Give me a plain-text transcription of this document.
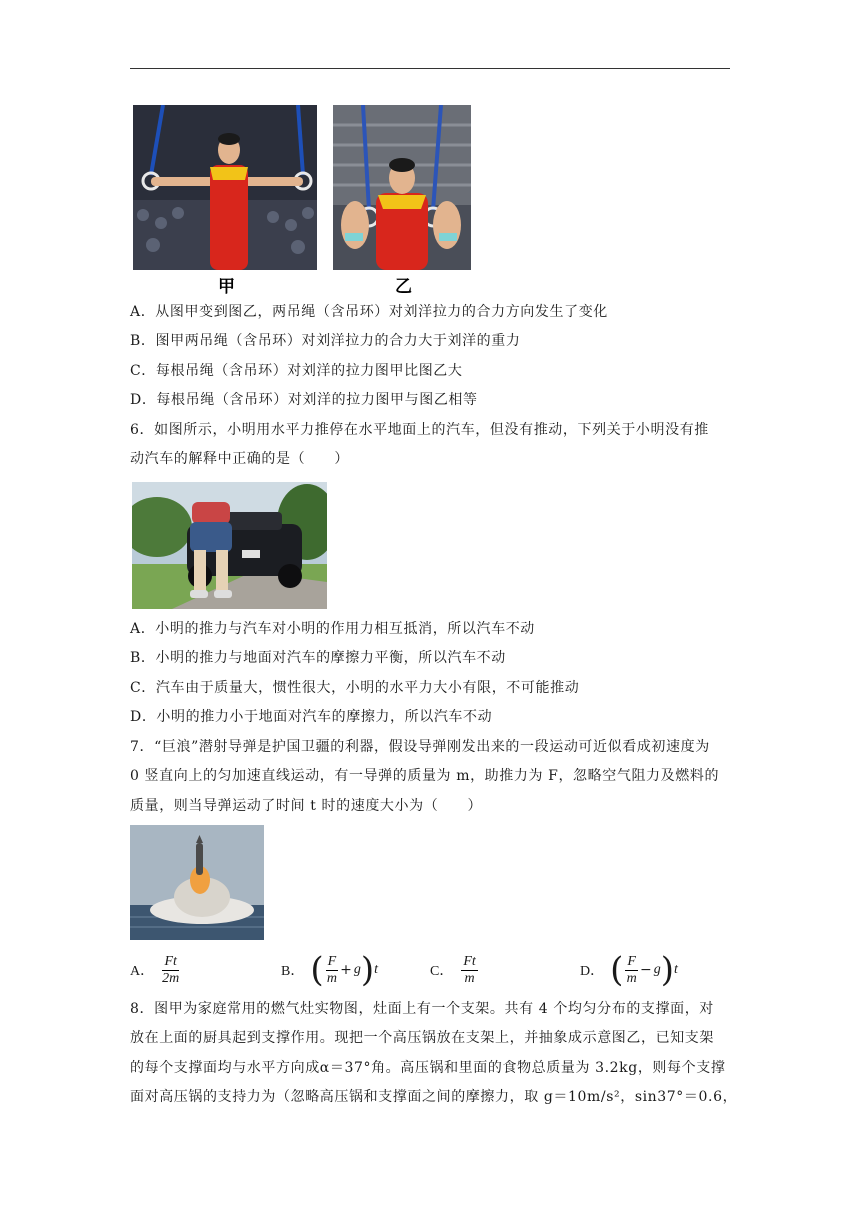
甲	乙
A．从图甲变到图乙，两吊绳（含吊环）对刘洋拉力的合力方向发生了变化
B．图甲两吊绳（含吊环）对刘洋拉力的合力大于刘洋的重力
C．每根吊绳（含吊环）对刘洋的拉力图甲比图乙大
D．每根吊绳（含吊环）对刘洋的拉力图甲与图乙相等
6．如图所示，小明用水平力推停在水平地面上的汽车，但没有推动，下列关于小明没有推
动汽车的解释中正确的是（　　）
A．小明的推力与汽车对小明的作用力相互抵消，所以汽车不动
B．小明的推力与地面对汽车的摩擦力平衡，所以汽车不动
C．汽车由于质量大，惯性很大，小明的水平力大小有限，不可能推动
D．小明的推力小于地面对汽车的摩擦力，所以汽车不动
7．“巨浪”潜射导弹是护国卫疆的利器，假设导弹刚发出来的一段运动可近似看成初速度为
0 竖直向上的匀加速直线运动，有一导弹的质量为 m，助推力为 F，忽略空气阻力及燃料的
质量，则当导弹运动了时间 t 时的速度大小为（　　）
A． $\frac{Ft}{2m}$	B． ( $\frac{F}{m} + g$ ) t	C． $\frac{Ft}{m}$	D． ( $\frac{F}{m} - g$ ) t
8．图甲为家庭常用的燃气灶实物图，灶面上有一个支架。共有 4 个均匀分布的支撑面，对
放在上面的厨具起到支撑作用。现把一个高压锅放在支架上，并抽象成示意图乙，已知支架
的每个支撑面均与水平方向成α＝37°角。高压锅和里面的食物总质量为 3.2kg，则每个支撑
面对高压锅的支持力为（忽略高压锅和支撑面之间的摩擦力，取 g＝10m/s²，sin37°＝0.6，
